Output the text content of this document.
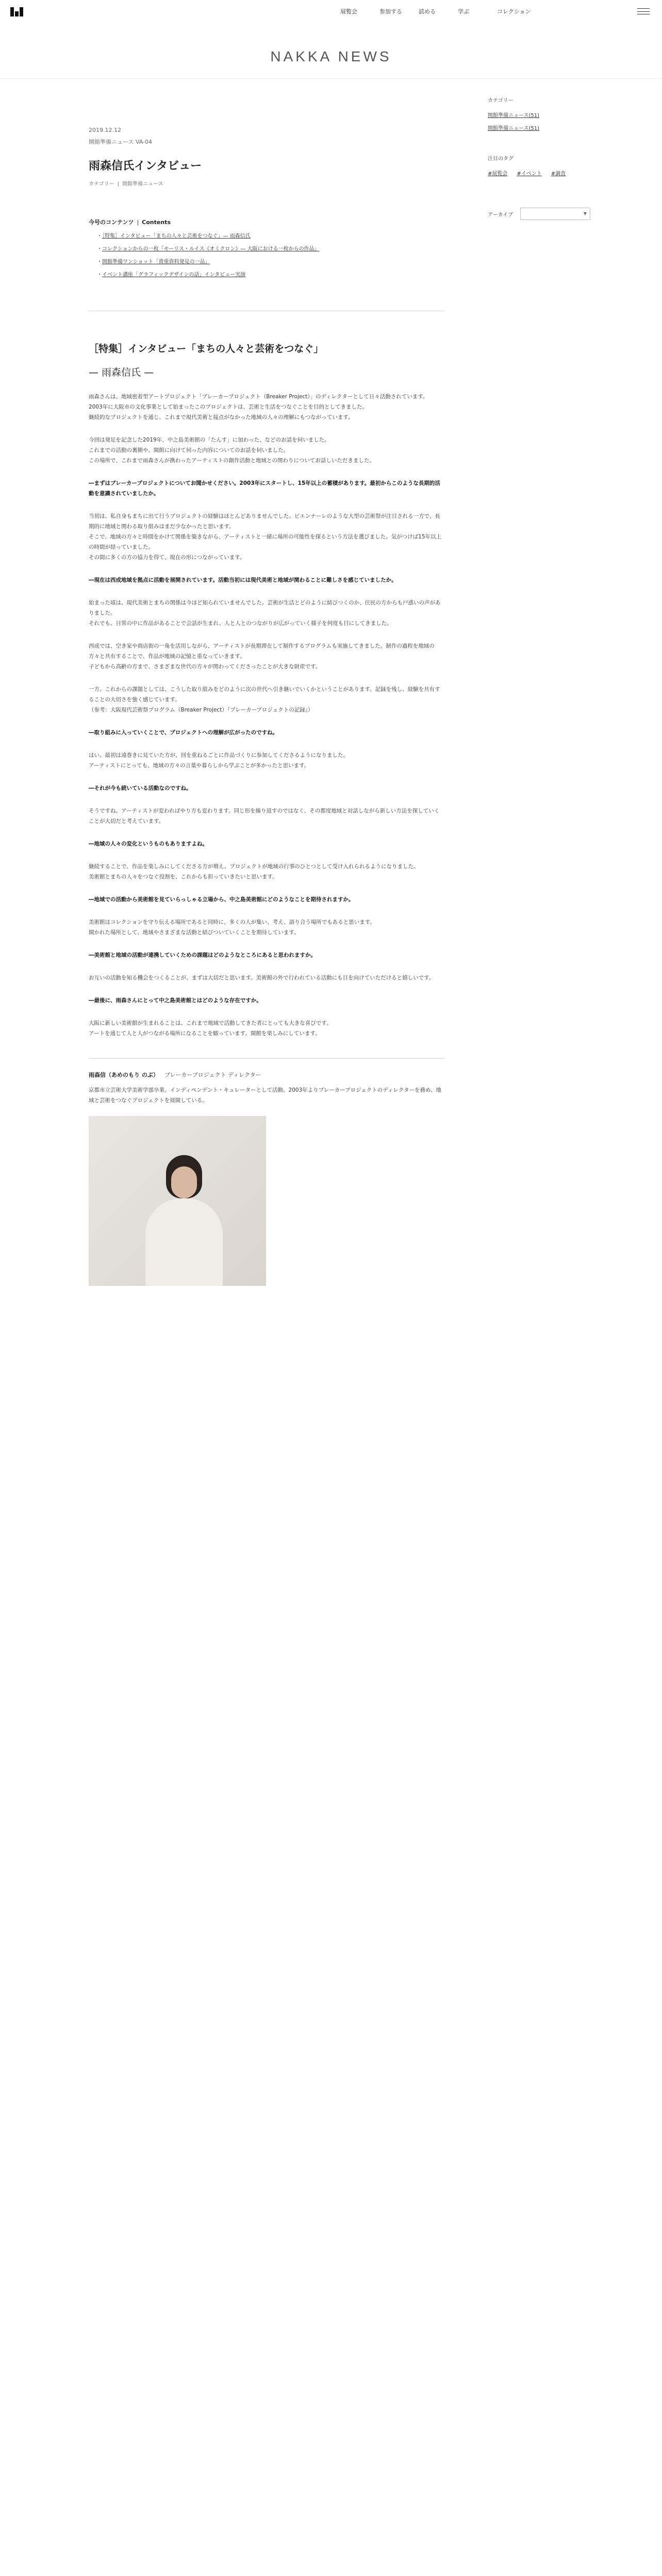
展覧会	参加する	読める	学ぶ	コレクション
NAKKA NEWS
2019.12.12
開館準備ニュース VA-04
雨森信氏インタビュー
カテゴリー | 開館準備ニュース
今号のコンテンツ | Contents
・［特集］インタビュー「まちの人々と芸術をつなぐ」— 雨森信氏
・コレクションからの一枚「モーリス・ルイス《オミクロン》― 大阪における一枚からの作品」
・開館準備ワンショット「貴重資料発見の一品」
・イベント講座「グラフィックデザインの話」インタビュー実演
［特集］インタビュー「まちの人々と芸術をつなぐ」
— 雨森信氏 —

雨森さんは、地域密着型アートプロジェクト「ブレーカープロジェクト（Breaker Project）」のディレクターとして日々活動されています。

2003年に大阪市の文化事業として始まったこのプロジェクトは、芸術と生活をつなぐことを目的としてきました。

継続的なプロジェクトを通じ、これまで現代美術と接点がなかった地域の人々の理解にもつながっています。

今回は発足を記念した2019年、中之島美術館の「たんす」に加わった、などのお話を伺いました。

これまでの活動の裏側や、開館に向けて伺った内容についてのお話を伺いました。

この場所で、これまで雨森さんが携わったアーティストの創作活動と地域との関わりについてお話しいただきました。

―まずはブレーカープロジェクトについてお聞かせください。2003年にスタートし、15年以上の蓄積があります。最初からこのような長期的活動を意識されていましたか。

当初は、私自身もまちに出て行うプロジェクトの経験はほとんどありませんでした。ビエンナーレのような大型の芸術祭が注目される一方で、長期的に地域と関わる取り組みはまだ少なかったと思います。

そこで、地域の方々と時間をかけて関係を築きながら、アーティストと一緒に場所の可能性を探るという方法を選びました。気がつけば15年以上の時間が経っていました。

その間に多くの方の協力を得て、現在の形につながっています。

―現在は西成地域を拠点に活動を展開されています。活動当初には現代美術と地域が関わることに難しさを感じていましたか。

始まった頃は、現代美術とまちの関係は今ほど知られていませんでした。芸術が生活とどのように結びつくのか、住民の方からも戸惑いの声がありました。

それでも、日常の中に作品があることで会話が生まれ、人と人とのつながりが広がっていく様子を何度も目にしてきました。

西成では、空き家や商店街の一角を活用しながら、アーティストが長期滞在して制作するプログラムも実施してきました。制作の過程を地域の方々と共有することで、作品が地域の記憶と重なっていきます。

子どもから高齢の方まで、さまざまな世代の方々が関わってくださったことが大きな財産です。

一方、これからの課題としては、こうした取り組みをどのように次の世代へ引き継いでいくかということがあります。記録を残し、経験を共有することの大切さを強く感じています。

（参考：大阪現代芸術祭プログラム（Breaker Project）『ブレーカープロジェクトの記録』）

―取り組みに入っていくことで、プロジェクトへの理解が広がったのですね。

はい。最初は遠巻きに見ていた方が、回を重ねるごとに作品づくりに参加してくださるようになりました。

アーティストにとっても、地域の方々の言葉や暮らしから学ぶことが多かったと思います。

―それが今も続いている活動なのですね。

そうですね。アーティストが変わればやり方も変わります。同じ形を繰り返すのではなく、その都度地域と対話しながら新しい方法を探していくことが大切だと考えています。

―地域の人々の変化というものもありますよね。

継続することで、作品を楽しみにしてくださる方が増え、プロジェクトが地域の行事のひとつとして受け入れられるようになりました。

美術館とまちの人々をつなぐ役割を、これからも担っていきたいと思います。

―地域での活動から美術館を見ていらっしゃる立場から、中之島美術館にどのようなことを期待されますか。

美術館はコレクションを守り伝える場所であると同時に、多くの人が集い、考え、語り合う場所でもあると思います。

開かれた場所として、地域やさまざまな活動と結びついていくことを期待しています。

―美術館と地域の活動が連携していくための課題はどのようなところにあると思われますか。

お互いの活動を知る機会をつくることが、まずは大切だと思います。美術館の外で行われている活動にも目を向けていただけると嬉しいです。

―最後に、雨森さんにとって中之島美術館とはどのような存在ですか。

大阪に新しい美術館が生まれることは、これまで地域で活動してきた者にとっても大きな喜びです。

アートを通じて人と人がつながる場所になることを願っています。開館を楽しみにしています。

雨森信（あめのもり のぶ） ブレーカープロジェクト ディレクター

京都市立芸術大学美術学部卒業。インディペンデント・キュレーターとして活動。2003年よりブレーカープロジェクトのディレクターを務め、地域と芸術をつなぐプロジェクトを展開している。

カテゴリー
開館準備ニュース(51)
開館準備ニュース(51)
注目のタグ
#展覧会 #イベント #調査
アーカイブ	▼
